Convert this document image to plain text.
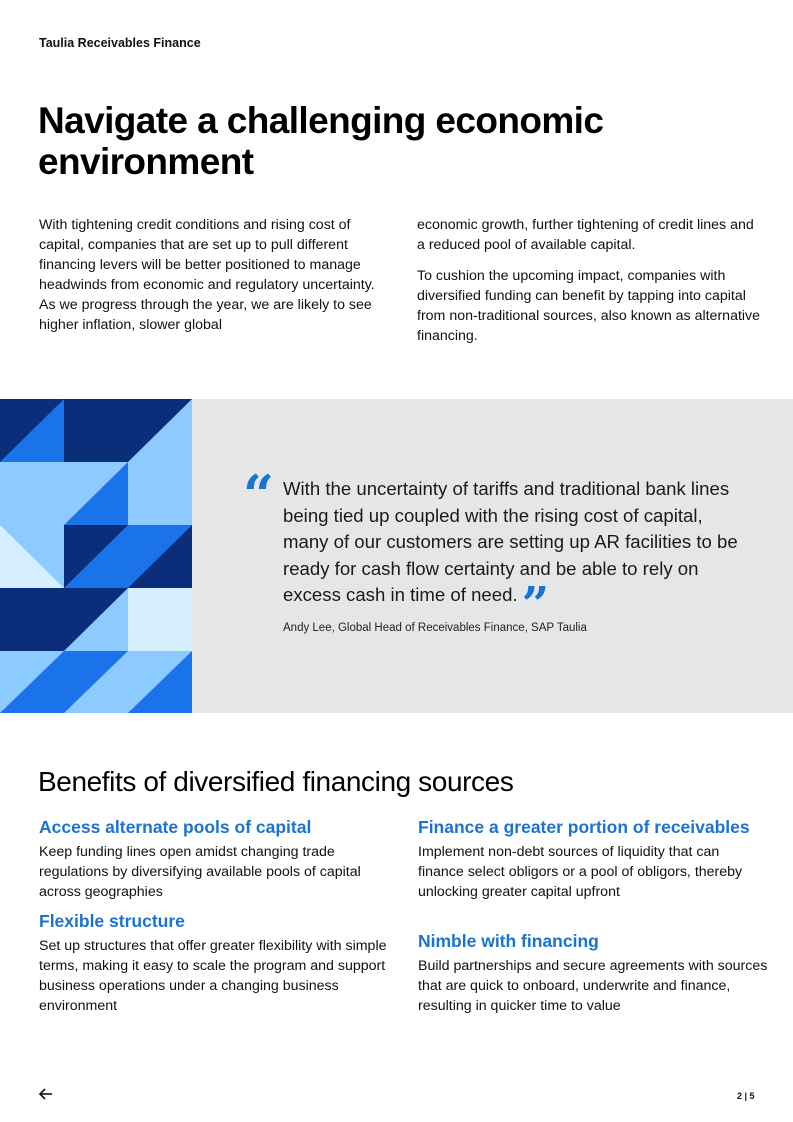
Taulia Receivables Finance
Navigate a challenging economic environment

With tightening credit conditions and rising cost of capital, companies that are set up to pull different financing levers will be better positioned to manage headwinds from economic and regulatory uncertainty. As we progress through the year, we are likely to see higher inflation, slower global

economic growth, further tightening of credit lines and a reduced pool of available capital.

To cushion the upcoming impact, companies with diversified funding can benefit by tapping into capital from non-traditional sources, also known as alternative financing.

“ With the uncertainty of tariffs and traditional bank lines being tied up coupled with the rising cost of capital, many of our customers are setting up AR facilities to be ready for cash flow certainty and be able to rely on excess cash in time of need.”

Andy Lee, Global Head of Receivables Finance, SAP Taulia
Benefits of diversified financing sources
Access alternate pools of capital

Keep funding lines open amidst changing trade regulations by diversifying available pools of capital across geographies

Flexible structure

Set up structures that offer greater flexibility with simple terms, making it easy to scale the program and support business operations under a changing business environment

Finance a greater portion of receivables

Implement non-debt sources of liquidity that can finance select obligors or a pool of obligors, thereby unlocking greater capital upfront

Nimble with financing

Build partnerships and secure agreements with sources that are quick to onboard, underwrite and finance, resulting in quicker time to value

2 | 5
